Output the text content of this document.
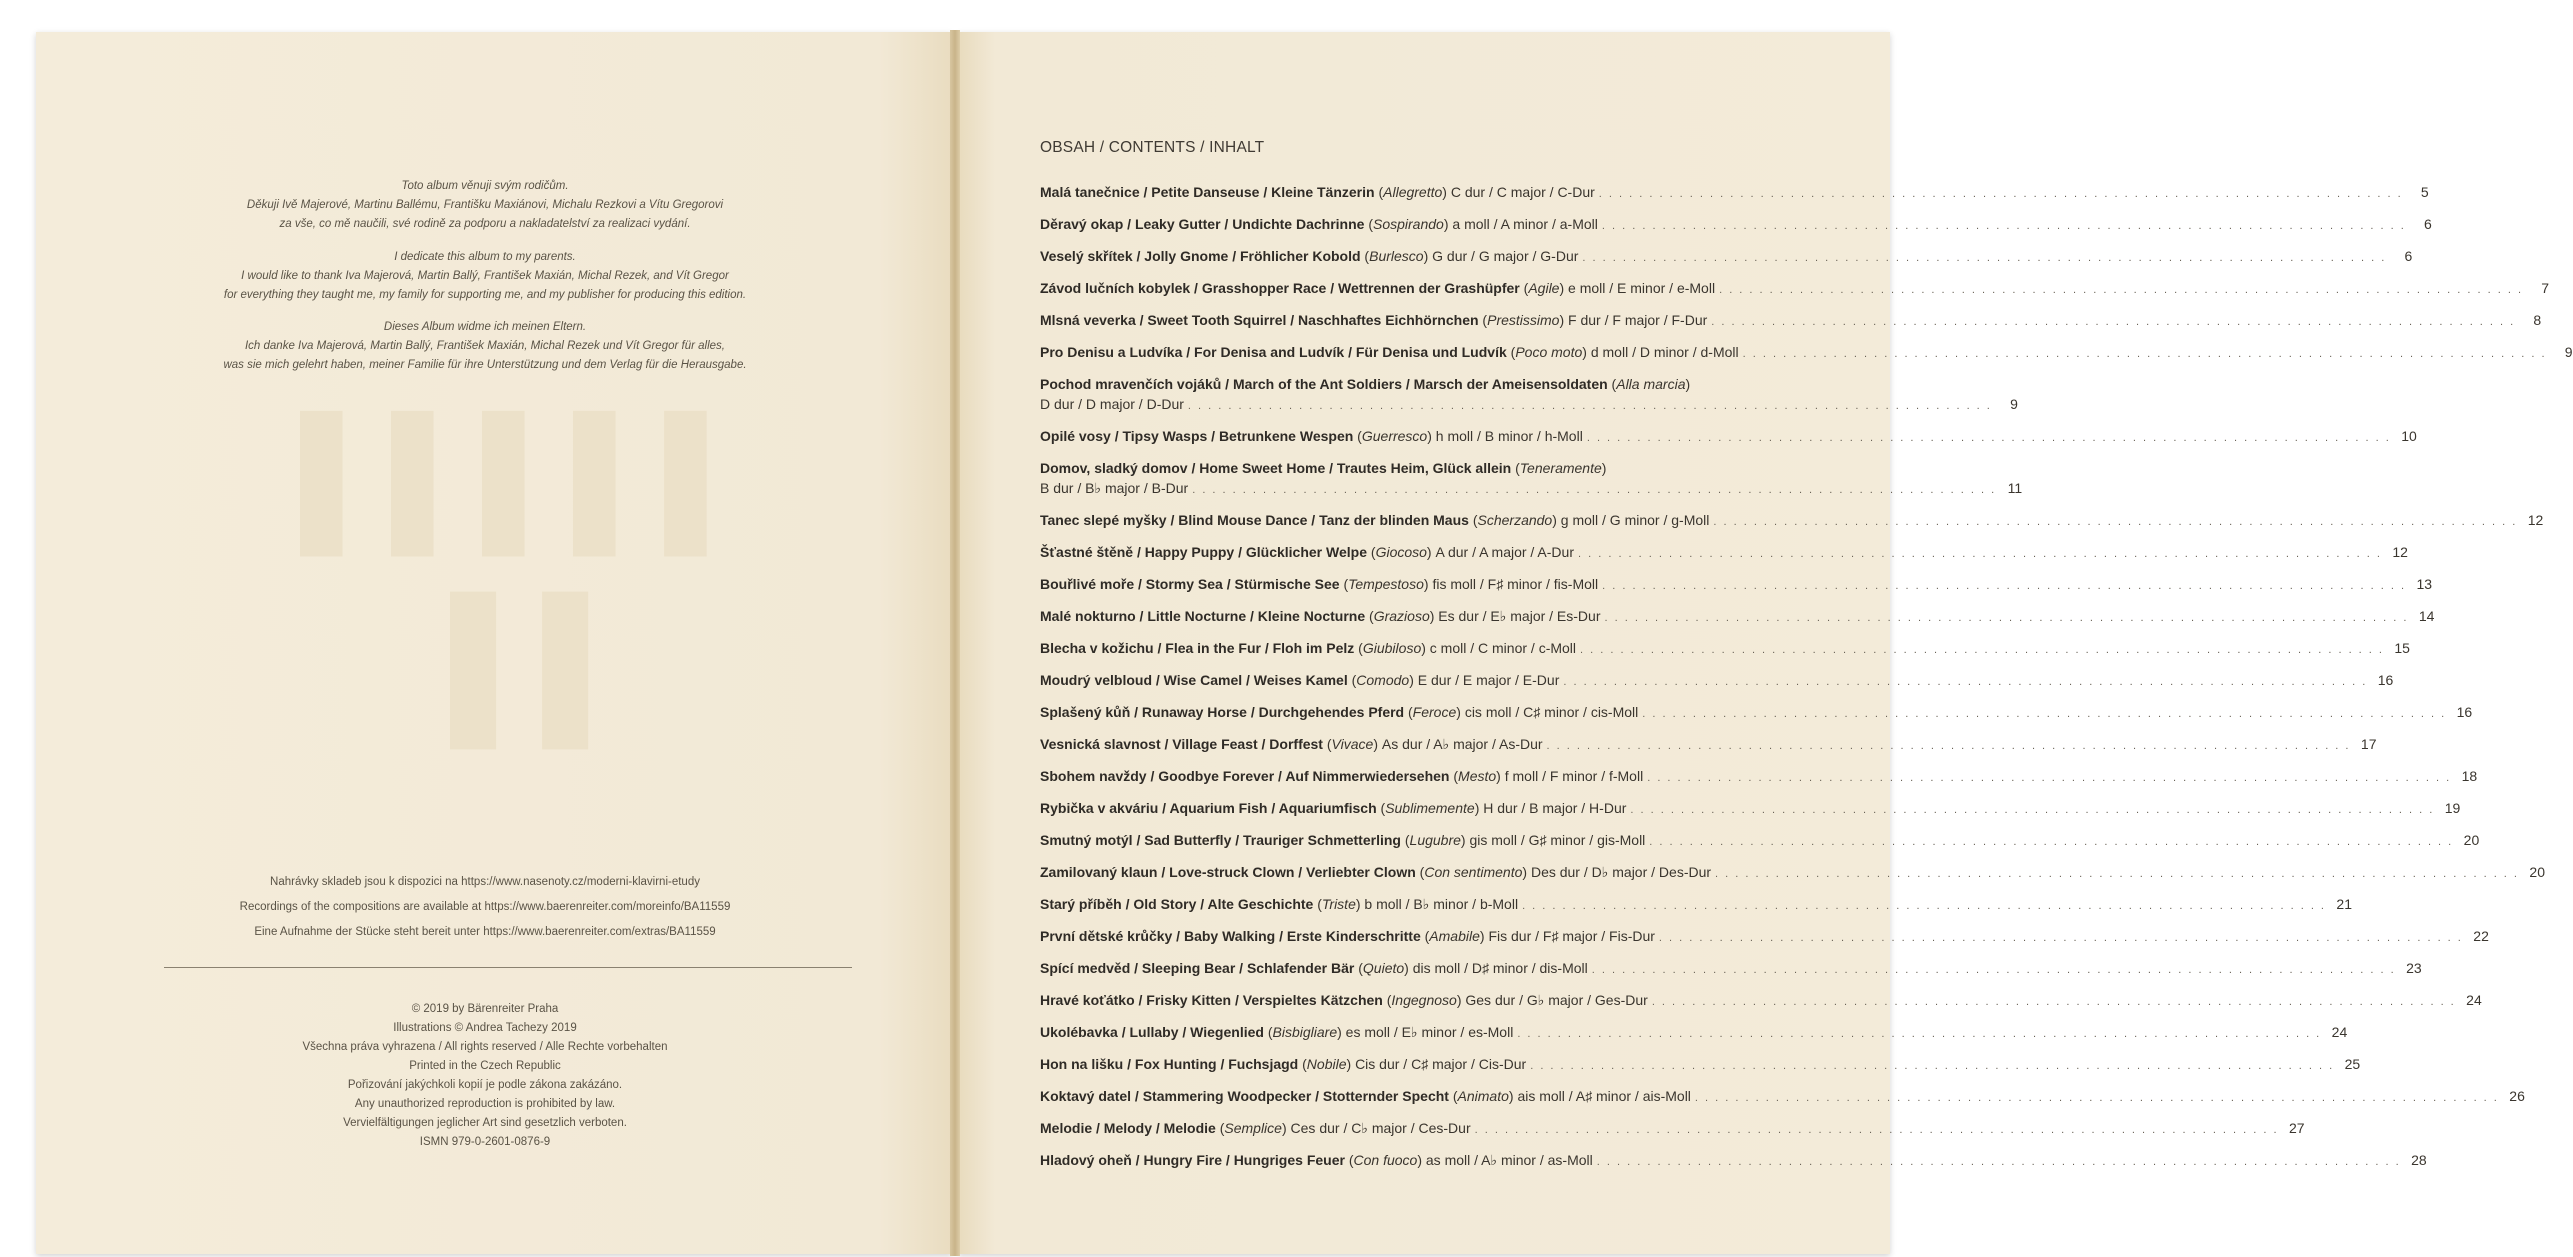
▌▌▌▌▌
▌▌

Toto album věnuji svým rodičům.

Děkuji Ivě Majerové, Martinu Ballému, Františku Maxiánovi, Michalu Rezkovi a Vítu Gregorovi

za vše, co mě naučili, své rodině za podporu a nakladatelství za realizaci vydání.

I dedicate this album to my parents.

I would like to thank Iva Majerová, Martin Ballý, František Maxián, Michal Rezek, and Vít Gregor

for everything they taught me, my family for supporting me, and my publisher for producing this edition.

Dieses Album widme ich meinen Eltern.

Ich danke Iva Majerová, Martin Ballý, František Maxián, Michal Rezek und Vít Gregor für alles,

was sie mich gelehrt haben, meiner Familie für ihre Unterstützung und dem Verlag für die Herausgabe.

Nahrávky skladeb jsou k dispozici na https://www.nasenoty.cz/moderni-klavirni-etudy

Recordings of the compositions are available at https://www.baerenreiter.com/moreinfo/BA11559

Eine Aufnahme der Stücke steht bereit unter https://www.baerenreiter.com/extras/BA11559

© 2019 by Bärenreiter Praha

Illustrations © Andrea Tachezy 2019

Všechna práva vyhrazena / All rights reserved / Alle Rechte vorbehalten

Printed in the Czech Republic

Pořizování jakýchkoli kopií je podle zákona zakázáno.

Any unauthorized reproduction is prohibited by law.

Vervielfältigungen jeglicher Art sind gesetzlich verboten.

ISMN 979-0-2601-0876-9

OBSAH / CONTENTS / INHALT
Malá tanečnice / Petite Danseuse / Kleine Tänzerin ( Allegretto ) C dur / C major / C-Dur . . . . . . . . . . . . . . . . . . . . . . . . . . . . . . . . . . . . . . . . . . . . . . . . . . . . . . . . . . . . . . . . . . . . . . . . . . . . . . . .	5
Děravý okap / Leaky Gutter / Undichte Dachrinne ( Sospirando ) a moll / A minor / a-Moll . . . . . . . . . . . . . . . . . . . . . . . . . . . . . . . . . . . . . . . . . . . . . . . . . . . . . . . . . . . . . . . . . . . . . . . . . . . . . . . .	6
Veselý skřítek / Jolly Gnome / Fröhlicher Kobold ( Burlesco ) G dur / G major / G-Dur . . . . . . . . . . . . . . . . . . . . . . . . . . . . . . . . . . . . . . . . . . . . . . . . . . . . . . . . . . . . . . . . . . . . . . . . . . . . . . . .	6
Závod lučních kobylek / Grasshopper Race / Wettrennen der Grashüpfer ( Agile ) e moll / E minor / e-Moll . . . . . . . . . . . . . . . . . . . . . . . . . . . . . . . . . . . . . . . . . . . . . . . . . . . . . . . . . . . . . . . . . . . . . . . . . . . . . . . .	7
Mlsná veverka / Sweet Tooth Squirrel / Naschhaftes Eichhörnchen ( Prestissimo ) F dur / F major / F-Dur . . . . . . . . . . . . . . . . . . . . . . . . . . . . . . . . . . . . . . . . . . . . . . . . . . . . . . . . . . . . . . . . . . . . . . . . . . . . . . . .	8
Pro Denisu a Ludvíka / For Denisa and Ludvík / Für Denisa und Ludvík ( Poco moto ) d moll / D minor / d-Moll . . . . . . . . . . . . . . . . . . . . . . . . . . . . . . . . . . . . . . . . . . . . . . . . . . . . . . . . . . . . . . . . . . . . . . . . . . . . . . . .	9
Pochod mravenčích vojáků / March of the Ant Soldiers / Marsch der Ameisensoldaten ( Alla marcia )
D dur / D major / D-Dur . . . . . . . . . . . . . . . . . . . . . . . . . . . . . . . . . . . . . . . . . . . . . . . . . . . . . . . . . . . . . . . . . . . . . . . . . . . . . . . .	9
Opilé vosy / Tipsy Wasps / Betrunkene Wespen ( Guerresco ) h moll / B minor / h-Moll . . . . . . . . . . . . . . . . . . . . . . . . . . . . . . . . . . . . . . . . . . . . . . . . . . . . . . . . . . . . . . . . . . . . . . . . . . . . . . . . 10
Domov, sladký domov / Home Sweet Home / Trautes Heim, Glück allein ( Teneramente )
B dur / B♭ major / B-Dur . . . . . . . . . . . . . . . . . . . . . . . . . . . . . . . . . . . . . . . . . . . . . . . . . . . . . . . . . . . . . . . . . . . . . . . . . . . . . . . . 11
Tanec slepé myšky / Blind Mouse Dance / Tanz der blinden Maus ( Scherzando ) g moll / G minor / g-Moll . . . . . . . . . . . . . . . . . . . . . . . . . . . . . . . . . . . . . . . . . . . . . . . . . . . . . . . . . . . . . . . . . . . . . . . . . . . . . . . . 12
Šťastné štěně / Happy Puppy / Glücklicher Welpe ( Giocoso ) A dur / A major / A-Dur . . . . . . . . . . . . . . . . . . . . . . . . . . . . . . . . . . . . . . . . . . . . . . . . . . . . . . . . . . . . . . . . . . . . . . . . . . . . . . . . 12
Bouřlivé moře / Stormy Sea / Stürmische See ( Tempestoso ) fis moll / F♯ minor / fis-Moll . . . . . . . . . . . . . . . . . . . . . . . . . . . . . . . . . . . . . . . . . . . . . . . . . . . . . . . . . . . . . . . . . . . . . . . . . . . . . . . . 13
Malé nokturno / Little Nocturne / Kleine Nocturne ( Grazioso ) Es dur / E♭ major / Es-Dur . . . . . . . . . . . . . . . . . . . . . . . . . . . . . . . . . . . . . . . . . . . . . . . . . . . . . . . . . . . . . . . . . . . . . . . . . . . . . . . . 14
Blecha v kožichu / Flea in the Fur / Floh im Pelz ( Giubiloso ) c moll / C minor / c-Moll . . . . . . . . . . . . . . . . . . . . . . . . . . . . . . . . . . . . . . . . . . . . . . . . . . . . . . . . . . . . . . . . . . . . . . . . . . . . . . . . 15
Moudrý velbloud / Wise Camel / Weises Kamel ( Comodo ) E dur / E major / E-Dur . . . . . . . . . . . . . . . . . . . . . . . . . . . . . . . . . . . . . . . . . . . . . . . . . . . . . . . . . . . . . . . . . . . . . . . . . . . . . . . . 16
Splašený kůň / Runaway Horse / Durchgehendes Pferd ( Feroce ) cis moll / C♯ minor / cis-Moll . . . . . . . . . . . . . . . . . . . . . . . . . . . . . . . . . . . . . . . . . . . . . . . . . . . . . . . . . . . . . . . . . . . . . . . . . . . . . . . . 16
Vesnická slavnost / Village Feast / Dorffest ( Vivace ) As dur / A♭ major / As-Dur . . . . . . . . . . . . . . . . . . . . . . . . . . . . . . . . . . . . . . . . . . . . . . . . . . . . . . . . . . . . . . . . . . . . . . . . . . . . . . . . 17
Sbohem navždy / Goodbye Forever / Auf Nimmerwiedersehen ( Mesto ) f moll / F minor / f-Moll . . . . . . . . . . . . . . . . . . . . . . . . . . . . . . . . . . . . . . . . . . . . . . . . . . . . . . . . . . . . . . . . . . . . . . . . . . . . . . . . 18
Rybička v akváriu / Aquarium Fish / Aquariumfisch ( Sublimemente ) H dur / B major / H-Dur . . . . . . . . . . . . . . . . . . . . . . . . . . . . . . . . . . . . . . . . . . . . . . . . . . . . . . . . . . . . . . . . . . . . . . . . . . . . . . . . 19
Smutný motýl / Sad Butterfly / Trauriger Schmetterling ( Lugubre ) gis moll / G♯ minor / gis-Moll . . . . . . . . . . . . . . . . . . . . . . . . . . . . . . . . . . . . . . . . . . . . . . . . . . . . . . . . . . . . . . . . . . . . . . . . . . . . . . . . 20
Zamilovaný klaun / Love-struck Clown / Verliebter Clown ( Con sentimento ) Des dur / D♭ major / Des-Dur . . . . . . . . . . . . . . . . . . . . . . . . . . . . . . . . . . . . . . . . . . . . . . . . . . . . . . . . . . . . . . . . . . . . . . . . . . . . . . . . 20
Starý příběh / Old Story / Alte Geschichte ( Triste ) b moll / B♭ minor / b-Moll . . . . . . . . . . . . . . . . . . . . . . . . . . . . . . . . . . . . . . . . . . . . . . . . . . . . . . . . . . . . . . . . . . . . . . . . . . . . . . . . 21
První dětské krůčky / Baby Walking / Erste Kinderschritte ( Amabile ) Fis dur / F♯ major / Fis-Dur . . . . . . . . . . . . . . . . . . . . . . . . . . . . . . . . . . . . . . . . . . . . . . . . . . . . . . . . . . . . . . . . . . . . . . . . . . . . . . . . 22
Spící medvěd / Sleeping Bear / Schlafender Bär ( Quieto ) dis moll / D♯ minor / dis-Moll . . . . . . . . . . . . . . . . . . . . . . . . . . . . . . . . . . . . . . . . . . . . . . . . . . . . . . . . . . . . . . . . . . . . . . . . . . . . . . . . 23
Hravé koťátko / Frisky Kitten / Verspieltes Kätzchen ( Ingegnoso ) Ges dur / G♭ major / Ges-Dur . . . . . . . . . . . . . . . . . . . . . . . . . . . . . . . . . . . . . . . . . . . . . . . . . . . . . . . . . . . . . . . . . . . . . . . . . . . . . . . . 24
Ukolébavka / Lullaby / Wiegenlied ( Bisbigliare ) es moll / E♭ minor / es-Moll . . . . . . . . . . . . . . . . . . . . . . . . . . . . . . . . . . . . . . . . . . . . . . . . . . . . . . . . . . . . . . . . . . . . . . . . . . . . . . . . 24
Hon na lišku / Fox Hunting / Fuchsjagd ( Nobile ) Cis dur / C♯ major / Cis-Dur . . . . . . . . . . . . . . . . . . . . . . . . . . . . . . . . . . . . . . . . . . . . . . . . . . . . . . . . . . . . . . . . . . . . . . . . . . . . . . . . 25
Koktavý datel / Stammering Woodpecker / Stotternder Specht ( Animato ) ais moll / A♯ minor / ais-Moll . . . . . . . . . . . . . . . . . . . . . . . . . . . . . . . . . . . . . . . . . . . . . . . . . . . . . . . . . . . . . . . . . . . . . . . . . . . . . . . . 26
Melodie / Melody / Melodie ( Semplice ) Ces dur / C♭ major / Ces-Dur . . . . . . . . . . . . . . . . . . . . . . . . . . . . . . . . . . . . . . . . . . . . . . . . . . . . . . . . . . . . . . . . . . . . . . . . . . . . . . . . 27
Hladový oheň / Hungry Fire / Hungriges Feuer ( Con fuoco ) as moll / A♭ minor / as-Moll . . . . . . . . . . . . . . . . . . . . . . . . . . . . . . . . . . . . . . . . . . . . . . . . . . . . . . . . . . . . . . . . . . . . . . . . . . . . . . . . 28
